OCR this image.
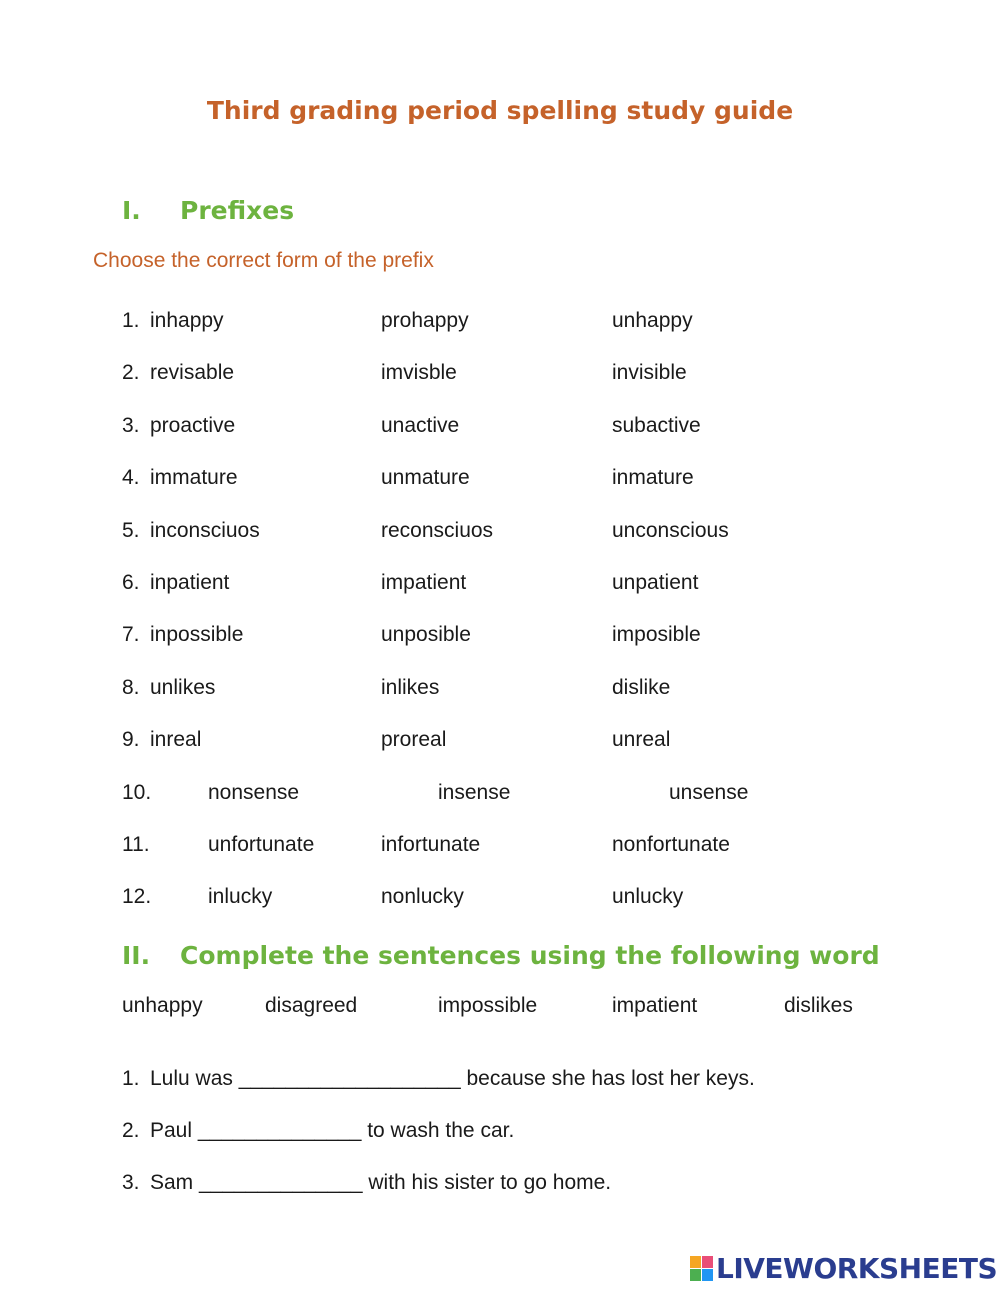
Third grading period spelling study guide
I. Prefixes
Choose the correct form of the prefix
1. inhappy	prohappy	unhappy
2. revisable	imvisble	invisible
3. proactive	unactive	subactive
4. immature	unmature	inmature
5. inconsciuos	reconsciuos	unconscious
6. inpatient	impatient	unpatient
7. inpossible	unposible	imposible
8. unlikes	inlikes	dislike
9. inreal	proreal	unreal
10.	nonsense	insense	unsense
11.	unfortunate	infortunate	nonfortunate
12.	inlucky	nonlucky	unlucky
II. Complete the sentences using the following word
unhappy	disagreed	impossible	impatient	dislikes
1. Lulu was ___________________ because she has lost her keys.
2. Paul ______________ to wash the car.
3. Sam ______________ with his sister to go home.
LIVEWORKSHEETS
